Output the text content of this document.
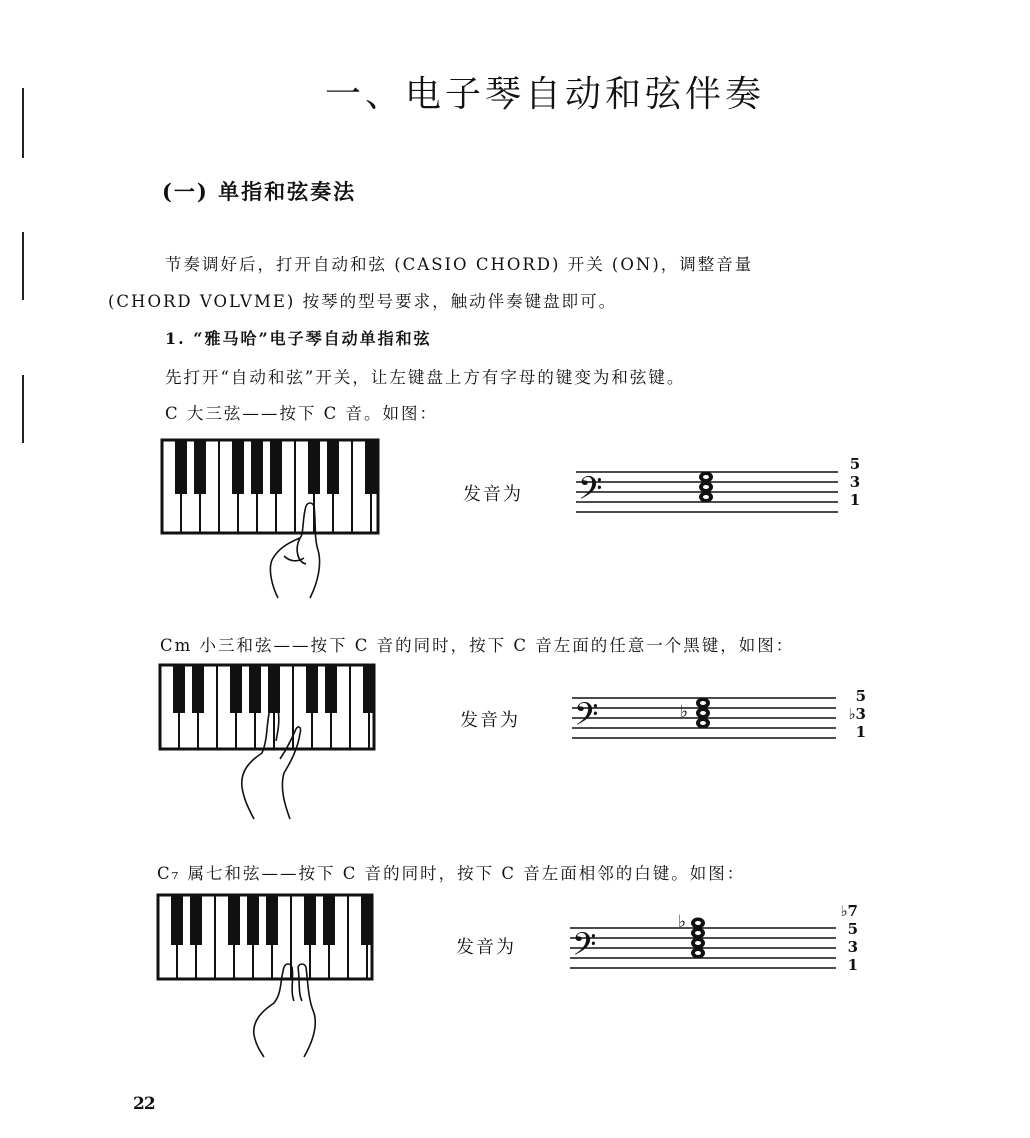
一、电子琴自动和弦伴奏
(一) 单指和弦奏法
节奏调好后，打开自动和弦 (CASIO CHORD) 开关 (ON)，调整音量
(CHORD VOLVME) 按琴的型号要求，触动伴奏键盘即可。
1. “雅马哈”电子琴自动单指和弦
先打开“自动和弦”开关，让左键盘上方有字母的键变为和弦键。
C 大三弦——按下 C 音。如图：
发音为 𝄢
5
3
1
Cm 小三和弦——按下 C 音的同时，按下 C 音左面的任意一个黑键，如图：
发音为 𝄢	♭
5
♭3
1
C₇ 属七和弦——按下 C 音的同时，按下 C 音左面相邻的白键。如图：
发音为 𝄢
♭
♭7
5
3
1
22
